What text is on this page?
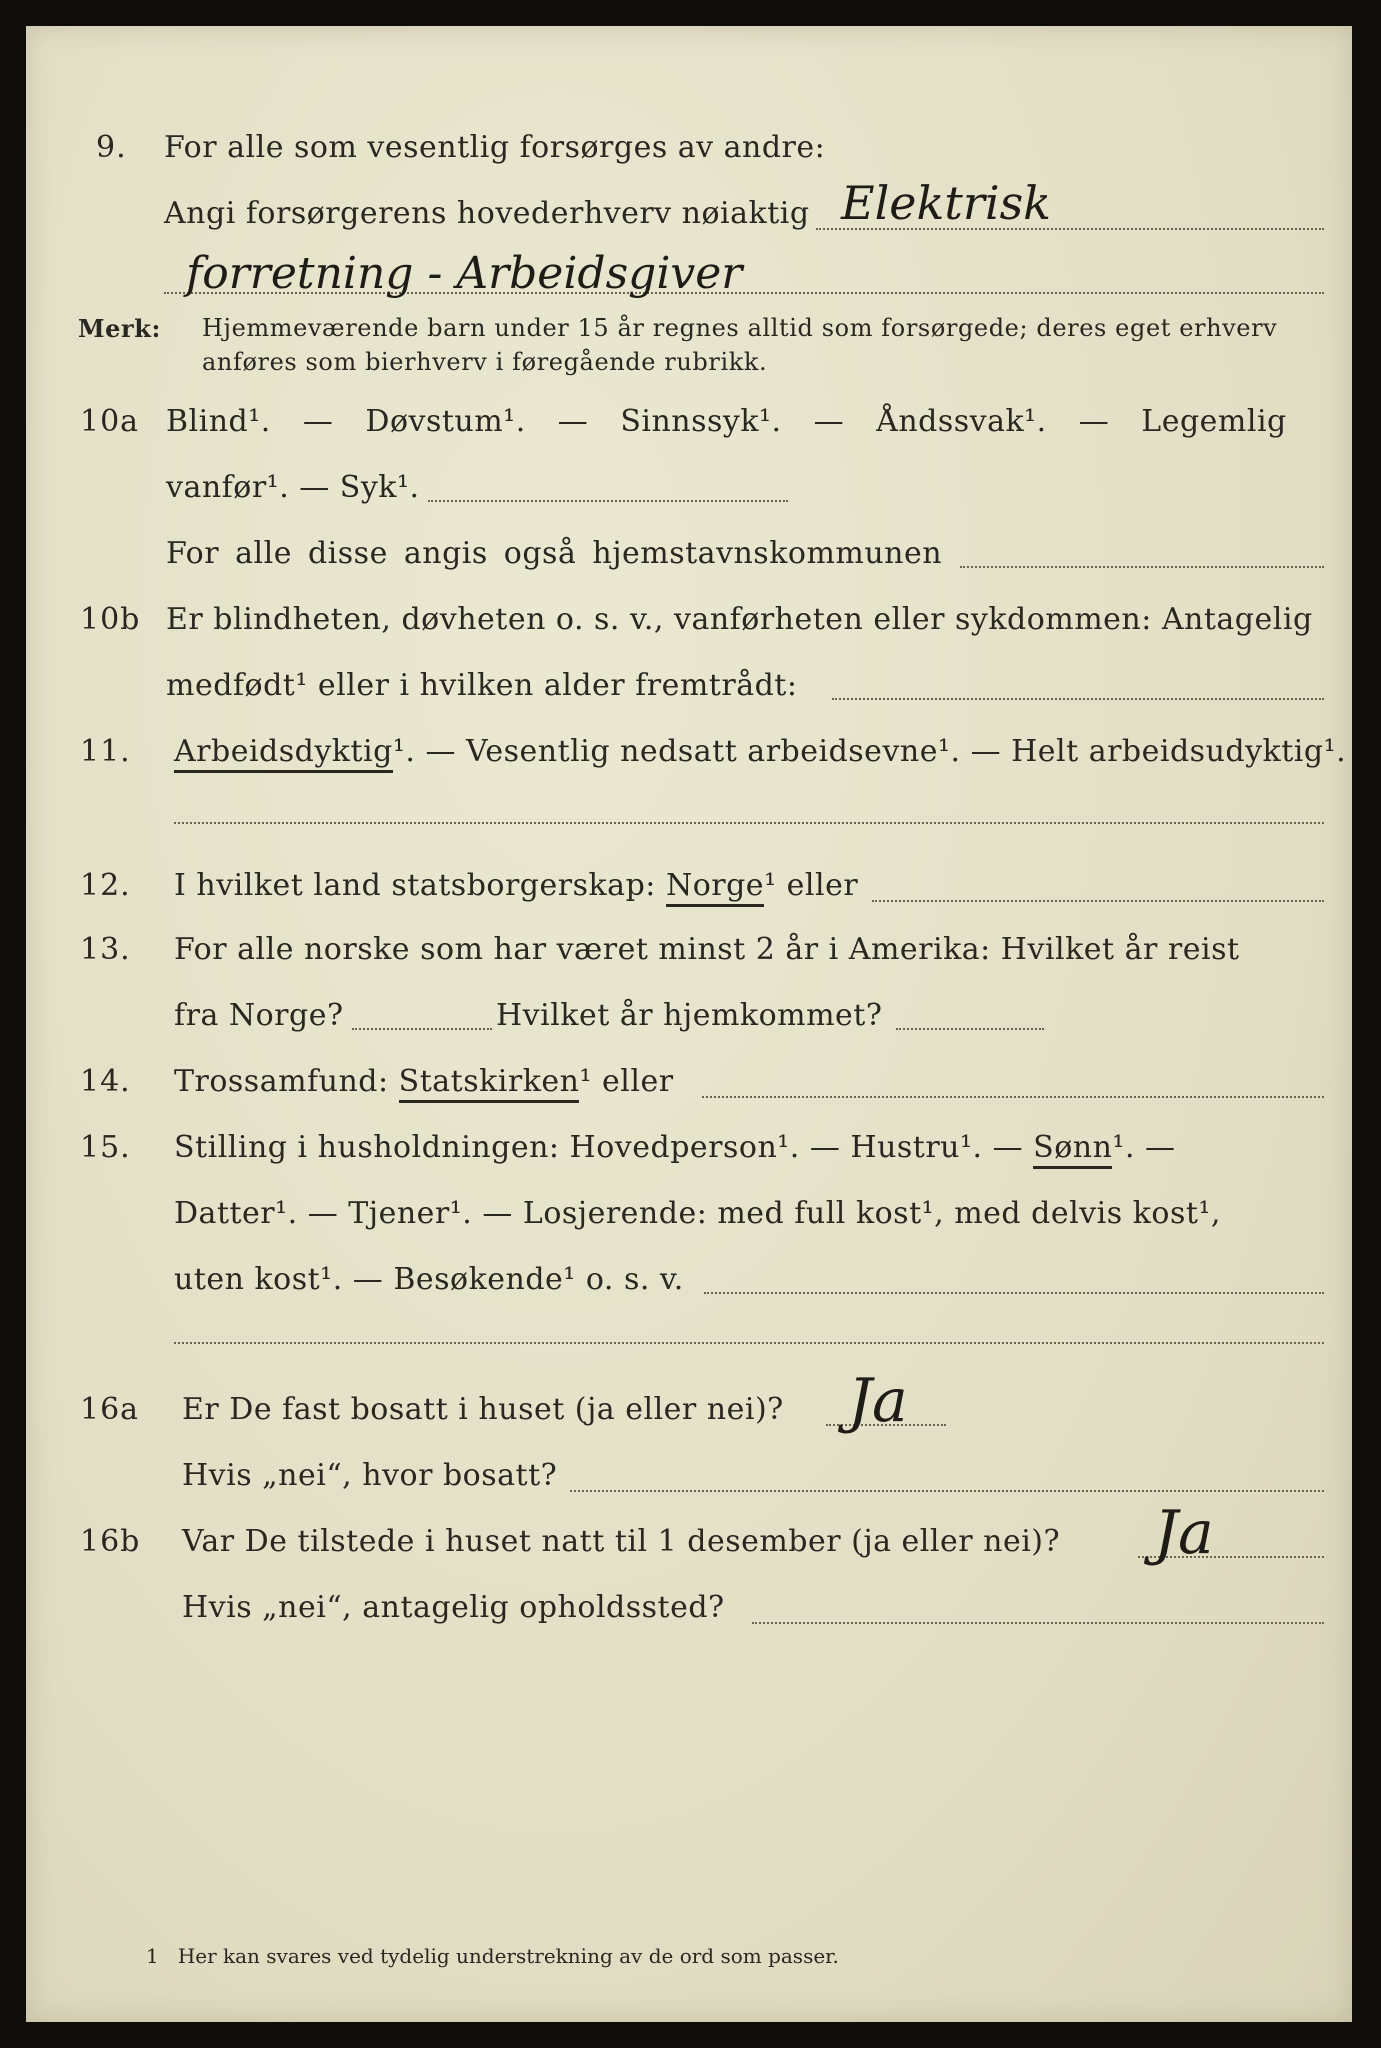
9. For alle som vesentlig forsørges av andre:
Angi forsørgerens hovederhverv nøiaktig Elektrisk
forretning - Arbeidsgiver
Merk: Hjemmeværende barn under 15 år regnes alltid som forsørgede; deres eget erhverv
anføres som bierhverv i føregående rubrikk.
10a Blind¹. — Døvstum¹. — Sinnssyk¹. — Åndssvak¹. — Legemlig
vanfør¹. — Syk¹.
For alle disse angis også hjemstavnskommunen
10b Er blindheten, døvheten o. s. v., vanførheten eller sykdommen: Antagelig
medfødt¹ eller i hvilken alder fremtrådt:
11. Arbeidsdyktig¹. — Vesentlig nedsatt arbeidsevne¹. — Helt arbeidsudyktig¹.
12. I hvilket land statsborgerskap: Norge¹ eller
13. For alle norske som har været minst 2 år i Amerika: Hvilket år reist
fra Norge?	Hvilket år hjemkommet?
14. Trossamfund: Statskirken¹ eller
15. Stilling i husholdningen: Hovedperson¹. — Hustru¹. — Sønn¹. —
Datter¹. — Tjener¹. — Losjerende: med full kost¹, med delvis kost¹,
uten kost¹. — Besøkende¹ o. s. v.
16a Er De fast bosatt i huset (ja eller nei)? Ja
Hvis „nei“, hvor bosatt?
16b Var De tilstede i huset natt til 1 desember (ja eller nei)? Ja
Hvis „nei“, antagelig opholdssted?
1 Her kan svares ved tydelig understrekning av de ord som passer.
